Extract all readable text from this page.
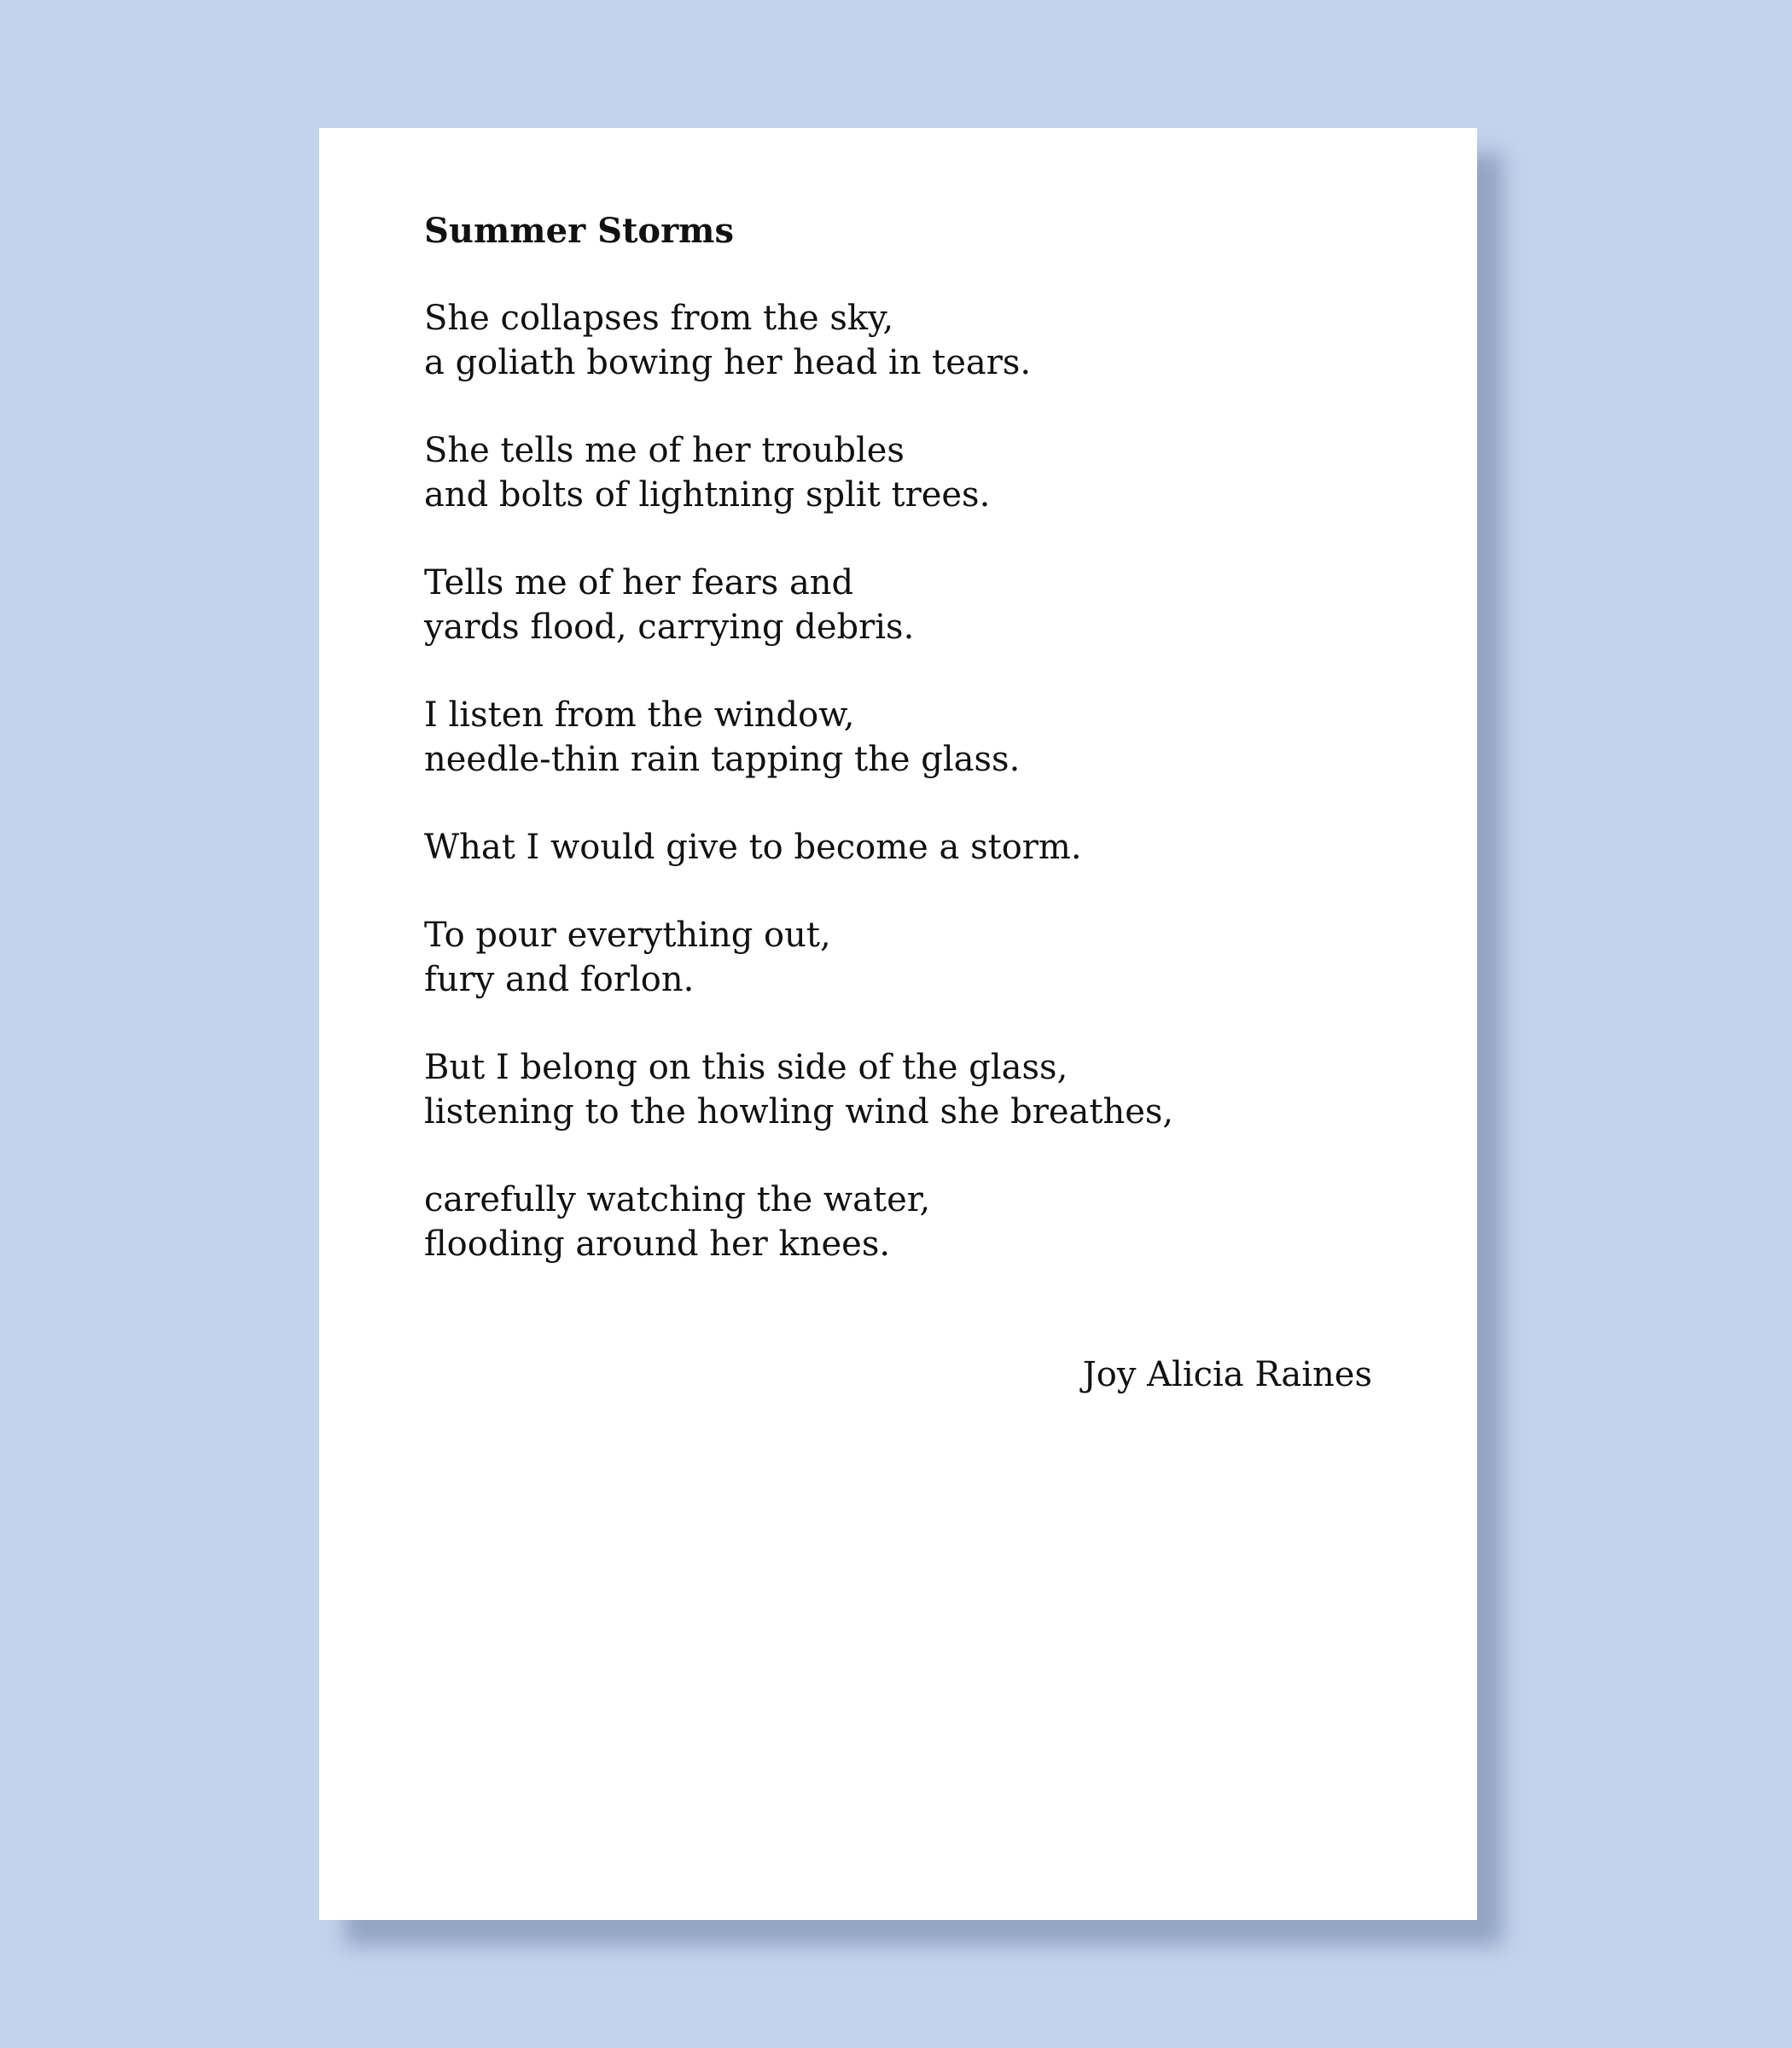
Summer Storms

She collapses from the sky,
a goliath bowing her head in tears.

She tells me of her troubles
and bolts of lightning split trees.

Tells me of her fears and
yards flood, carrying debris.

I listen from the window,
needle-thin rain tapping the glass.

What I would give to become a storm.

To pour everything out,
fury and forlon.

But I belong on this side of the glass,
listening to the howling wind she breathes,

carefully watching the water,
flooding around her knees.

Joy Alicia Raines
